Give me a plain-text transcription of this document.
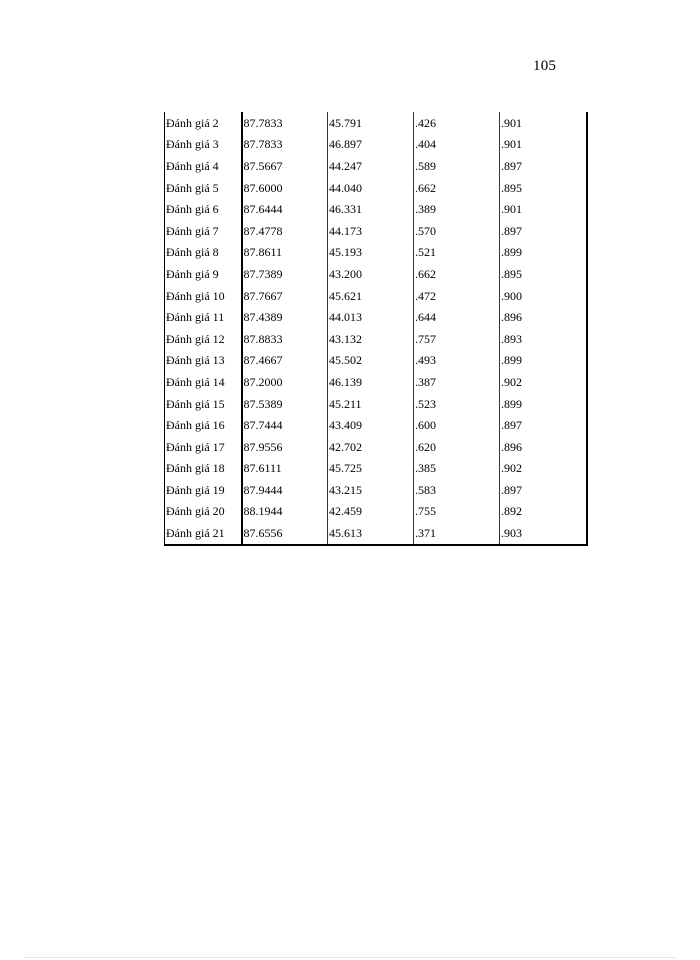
105
Đánh giá 2	87.7833	45.791	.426	.901
Đánh giá 3	87.7833	46.897	.404	.901
Đánh giá 4	87.5667	44.247	.589	.897
Đánh giá 5	87.6000	44.040	.662	.895
Đánh giá 6	87.6444	46.331	.389	.901
Đánh giá 7	87.4778	44.173	.570	.897
Đánh giá 8	87.8611	45.193	.521	.899
Đánh giá 9	87.7389	43.200	.662	.895
Đánh giá 10	87.7667	45.621	.472	.900
Đánh giá 11	87.4389	44.013	.644	.896
Đánh giá 12	87.8833	43.132	.757	.893
Đánh giá 13	87.4667	45.502	.493	.899
Đánh giá 14	87.2000	46.139	.387	.902
Đánh giá 15	87.5389	45.211	.523	.899
Đánh giá 16	87.7444	43.409	.600	.897
Đánh giá 17	87.9556	42.702	.620	.896
Đánh giá 18	87.6111	45.725	.385	.902
Đánh giá 19	87.9444	43.215	.583	.897
Đánh giá 20	88.1944	42.459	.755	.892
Đánh giá 21	87.6556	45.613	.371	.903
